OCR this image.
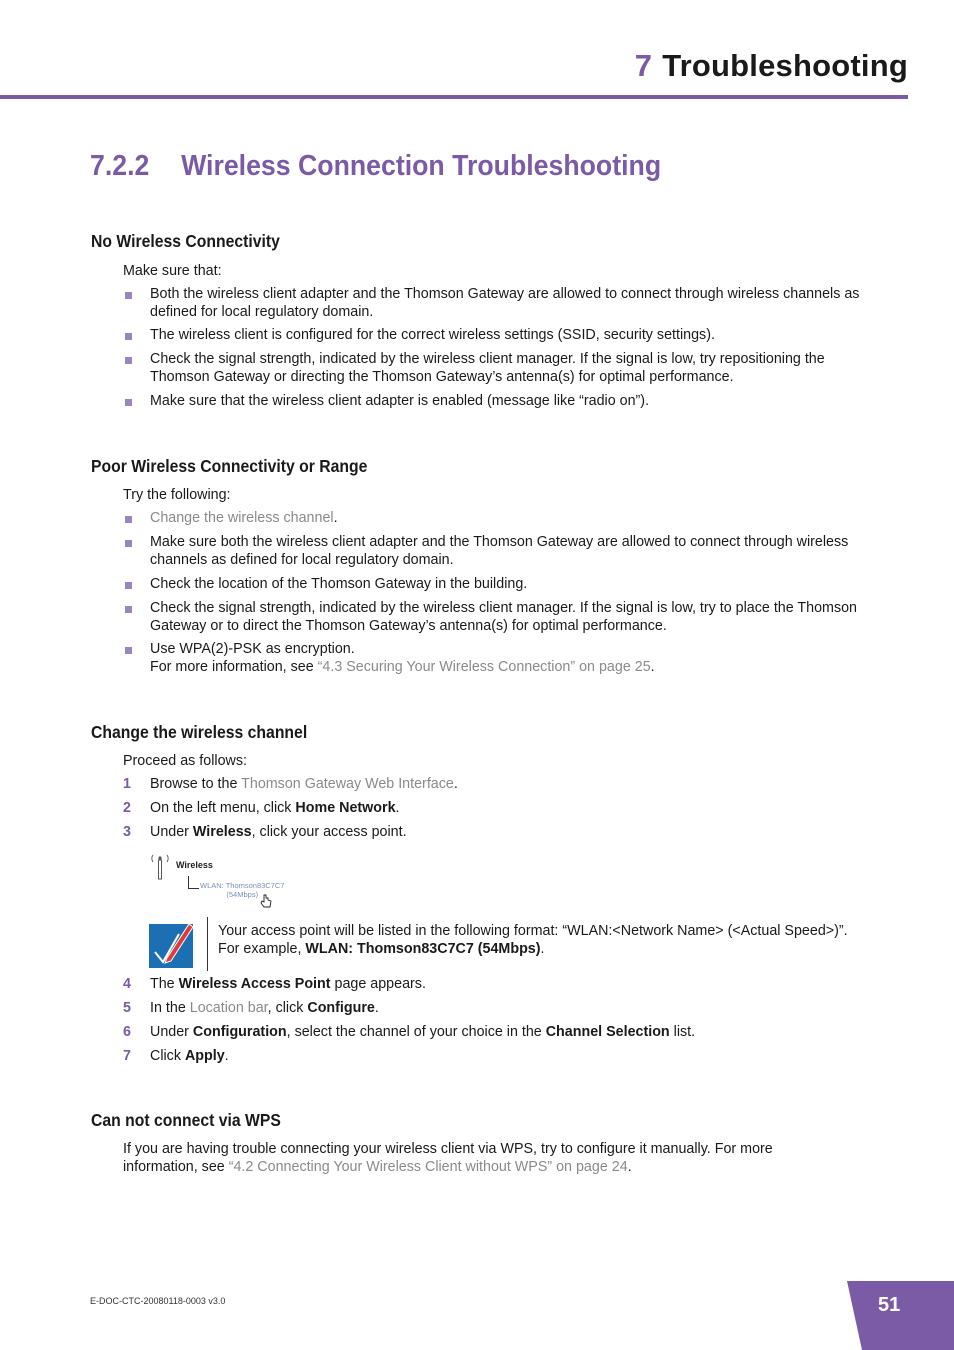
7 Troubleshooting
7.2.2 Wireless Connection Troubleshooting
No Wireless Connectivity
Make sure that:
Both the wireless client adapter and the Thomson Gateway are allowed to connect through wireless channels as defined for local regulatory domain.
The wireless client is configured for the correct wireless settings (SSID, security settings).
Check the signal strength, indicated by the wireless client manager. If the signal is low, try repositioning the Thomson Gateway or directing the Thomson Gateway’s antenna(s) for optimal performance.
Make sure that the wireless client adapter is enabled (message like “radio on”).
Poor Wireless Connectivity or Range
Try the following:
Change the wireless channel.
Make sure both the wireless client adapter and the Thomson Gateway are allowed to connect through wireless channels as defined for local regulatory domain.
Check the location of the Thomson Gateway in the building.
Check the signal strength, indicated by the wireless client manager. If the signal is low, try to place the Thomson Gateway or to direct the Thomson Gateway’s antenna(s) for optimal performance.
Use WPA(2)-PSK as encryption.
For more information, see “4.3 Securing Your Wireless Connection” on page 25.
Change the wireless channel
Proceed as follows:
1 Browse to the Thomson Gateway Web Interface.
2 On the left menu, click Home Network.
3 Under Wireless, click your access point.
Wireless
WLAN: Thomson83C7C7
(54Mbps)
Your access point will be listed in the following format: “WLAN:<Network Name> (<Actual Speed>)”. For example, WLAN: Thomson83C7C7 (54Mbps).
4 The Wireless Access Point page appears.
5 In the Location bar, click Configure.
6 Under Configuration, select the channel of your choice in the Channel Selection list.
7 Click Apply.
Can not connect via WPS
If you are having trouble connecting your wireless client via WPS, try to configure it manually. For more information, see “4.2 Connecting Your Wireless Client without WPS” on page 24.
E-DOC-CTC-20080118-0003 v3.0	51
